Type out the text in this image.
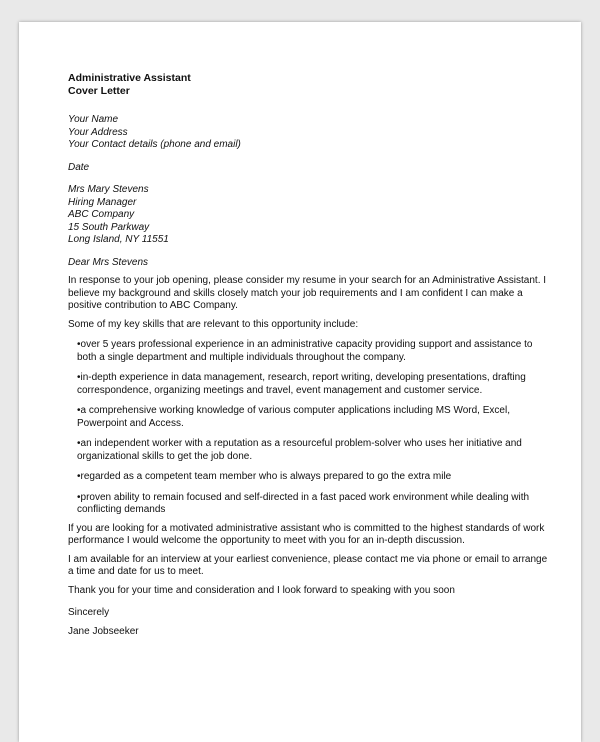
Administrative Assistant
Cover Letter
Your Name
Your Address
Your Contact details (phone and email)
Date
Mrs Mary Stevens
Hiring Manager
ABC Company
15 South Parkway
Long Island, NY 11551
Dear Mrs Stevens

In response to your job opening, please consider my resume in your search for an Administrative Assistant. I believe my background and skills closely match your job requirements and I am confident I can make a positive contribution to ABC Company.

Some of my key skills that are relevant to this opportunity include:

•over 5 years professional experience in an administrative capacity providing support and assistance to both a single department and multiple individuals throughout the company.
•in-depth experience in data management, research, report writing, developing presentations, drafting correspondence, organizing meetings and travel, event management and customer service.
•a comprehensive working knowledge of various computer applications including MS Word, Excel, Powerpoint and Access.
•an independent worker with a reputation as a resourceful problem-solver who uses her initiative and organizational skills to get the job done.
•regarded as a competent team member who is always prepared to go the extra mile
•proven ability to remain focused and self-directed in a fast paced work environment while dealing with conflicting demands

If you are looking for a motivated administrative assistant who is committed to the highest standards of work performance I would welcome the opportunity to meet with you for an in-depth discussion.

I am available for an interview at your earliest convenience, please contact me via phone or email to arrange a time and date for us to meet.

Thank you for your time and consideration and I look forward to speaking with you soon

Sincerely
Jane Jobseeker
